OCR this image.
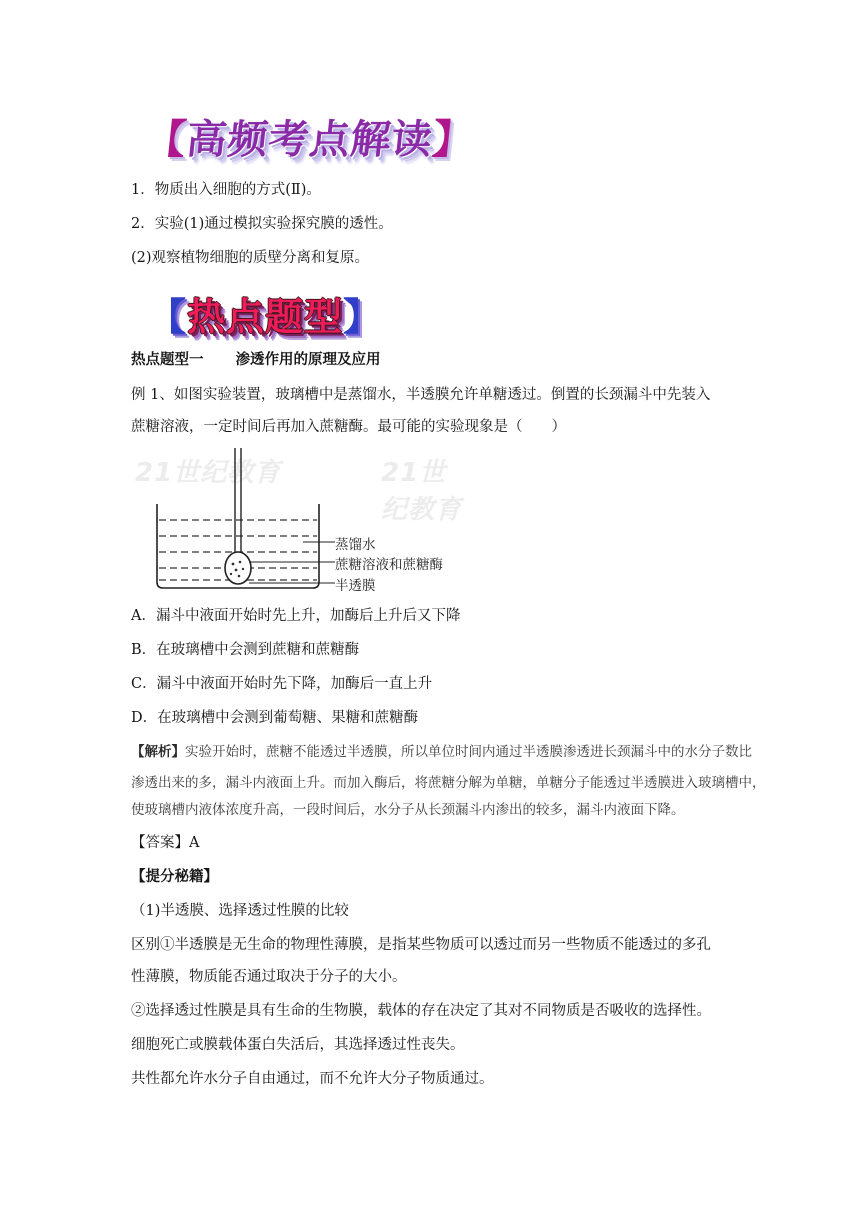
【高频考点解读】
1．物质出入细胞的方式(Ⅱ)。
2．实验(1)通过模拟实验探究膜的透性。
(2)观察植物细胞的质壁分离和复原。
【热点题型】
热点题型一 渗透作用的原理及应用
例 1、如图实验装置，玻璃槽中是蒸馏水，半透膜允许单糖透过。倒置的长颈漏斗中先装入
蔗糖溶液，一定时间后再加入蔗糖酶。最可能的实验现象是（　　）
21世纪教育	21世纪教育
蒸馏水
蔗糖溶液和蔗糖酶
半透膜
A．漏斗中液面开始时先上升，加酶后上升后又下降
B．在玻璃槽中会测到蔗糖和蔗糖酶
C．漏斗中液面开始时先下降，加酶后一直上升
D．在玻璃槽中会测到葡萄糖、果糖和蔗糖酶
【解析】实验开始时，蔗糖不能透过半透膜，所以单位时间内通过半透膜渗透进长颈漏斗中的水分子数比
渗透出来的多，漏斗内液面上升。而加入酶后，将蔗糖分解为单糖，单糖分子能透过半透膜进入玻璃槽中，
使玻璃槽内液体浓度升高，一段时间后，水分子从长颈漏斗内渗出的较多，漏斗内液面下降。
【答案】A
【提分秘籍】
（1)半透膜、选择透过性膜的比较
区别①半透膜是无生命的物理性薄膜，是指某些物质可以透过而另一些物质不能透过的多孔
性薄膜，物质能否通过取决于分子的大小。
②选择透过性膜是具有生命的生物膜，载体的存在决定了其对不同物质是否吸收的选择性。
细胞死亡或膜载体蛋白失活后，其选择透过性丧失。
共性都允许水分子自由通过，而不允许大分子物质通过。
